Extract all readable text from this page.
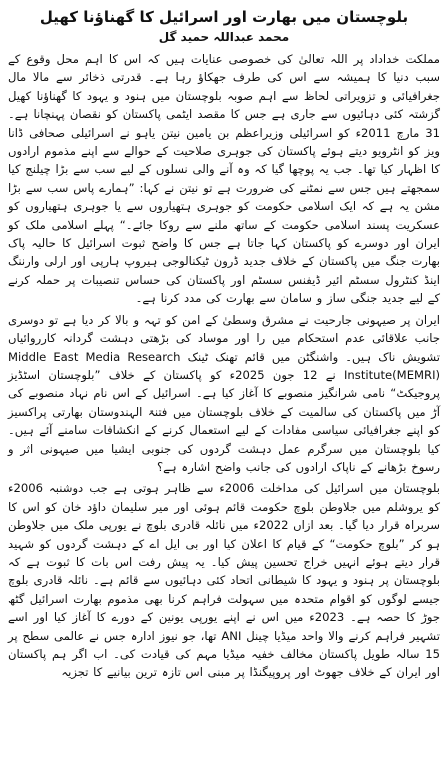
بلوچستان میں بھارت اور اسرائیل کا گھناؤنا کھیل
محمد عبداللہ حمید گل

مملکت خداداد پر اللہ تعالیٰ کی خصوصی عنایات ہیں کہ اس کا اہم محل وقوع کے سبب دنیا کا ہمیشہ سے اس کی طرف جھکاؤ رہا ہے۔ قدرتی ذخائر سے مالا مال جغرافیائی و تزویراتی لحاظ سے اہم صوبہ بلوچستان میں ہنود و یہود کا گھناؤنا کھیل گزشتہ کئی دہائیوں سے جاری ہے جس کا مقصد ایٹمی پاکستان کو نقصان پہنچانا ہے۔ 31 مارچ 2011ء کو اسرائیلی وزیراعظم بن یامین نیتن یاہو نے اسرائیلی صحافی ڈانا ویز کو انٹرویو دیتے ہوئے پاکستان کی جوہری صلاحیت کے حوالے سے اپنے مذموم ارادوں کا اظہار کیا تھا۔ جب یہ پوچھا گیا کہ وہ آنے والی نسلوں کے لیے سب سے بڑا چیلنج کیا سمجھتے ہیں جس سے نمٹنے کی ضرورت ہے تو نیتن نے کہا: ”ہمارے پاس سب سے بڑا مشن یہ ہے کہ ایک اسلامی حکومت کو جوہری ہتھیاروں سے یا جوہری ہتھیاروں کو عسکریت پسند اسلامی حکومت کے ساتھ ملنے سے روکا جائے۔“ پہلے اسلامی ملک کو ایران اور دوسرے کو پاکستان کہا جاتا ہے جس کا واضح ثبوت اسرائیل کا حالیہ پاک بھارت جنگ میں پاکستان کے خلاف جدید ڈرون ٹیکنالوجی ہیروپ ہارپی اور ارلی وارننگ اینڈ کنٹرول سسٹم ائیر ڈیفنس سسٹم اور پاکستان کی حساس تنصیبات پر حملہ کرنے کے لیے جدید جنگی ساز و سامان سے بھارت کی مدد کرنا ہے۔

ایران پر صیہونی جارحیت نے مشرق وسطیٰ کے امن کو تہہ و بالا کر دیا ہے تو دوسری جانب علاقائی عدم استحکام میں را اور موساد کی بڑھتی دہشت گردانہ کارروائیاں تشویش ناک ہیں۔ واشنگٹن میں قائم تھنک ٹینک Middle East Media Research Institute(MEMRI) نے 12 جون 2025ء کو پاکستان کے خلاف ”بلوچستان اسٹڈیز پروجیکٹ“ نامی شرانگیز منصوبے کا آغاز کیا ہے۔ اسرائیل کے اس نام نہاد منصوبے کی آڑ میں پاکستان کی سالمیت کے خلاف بلوچستان میں فتنۃ الہندوستان بھارتی پراکسیز کو اپنے جغرافیائی سیاسی مفادات کے لیے استعمال کرنے کے انکشافات سامنے آئے ہیں۔ کیا بلوچستان میں سرگرم عمل دہشت گردوں کی جنوبی ایشیا میں صیہونی اثر و رسوخ بڑھانے کے ناپاک ارادوں کی جانب واضح اشارہ ہے؟

بلوچستان میں اسرائیل کی مداخلت 2006ء سے ظاہر ہوتی ہے جب دوشنبہ 2006ء کو یروشلم میں جلاوطن بلوچ حکومت قائم ہوئی اور میر سلیمان داؤد خان کو اس کا سربراہ قرار دیا گیا۔ بعد ازاں 2022ء میں نائلہ قادری بلوچ نے یورپی ملک میں جلاوطن ہو کر ”بلوچ حکومت“ کے قیام کا اعلان کیا اور بی ایل اے کے دہشت گردوں کو شہید قرار دیتے ہوئے انہیں خراج تحسین پیش کیا۔ یہ پیش رفت اس بات کا ثبوت ہے کہ بلوچستان پر ہنود و یہود کا شیطانی اتحاد کئی دہائیوں سے قائم ہے۔ نائلہ قادری بلوچ جیسے لوگوں کو اقوام متحدہ میں سہولت فراہم کرنا بھی مذموم بھارت اسرائیل گٹھ جوڑ کا حصہ ہے۔ 2023ء میں اس نے اپنے یورپی یونین کے دورے کا آغاز کیا اور اسے تشہیر فراہم کرنے والا واحد میڈیا چینل ANI تھا، جو نیوز ادارہ جس نے عالمی سطح پر 15 سالہ طویل پاکستان مخالف خفیہ میڈیا مہم کی قیادت کی۔ اب اگر ہم پاکستان اور ایران کے خلاف جھوٹ اور پروپیگنڈا پر مبنی اس تازہ ترین بیانیے کا تجزیہ
